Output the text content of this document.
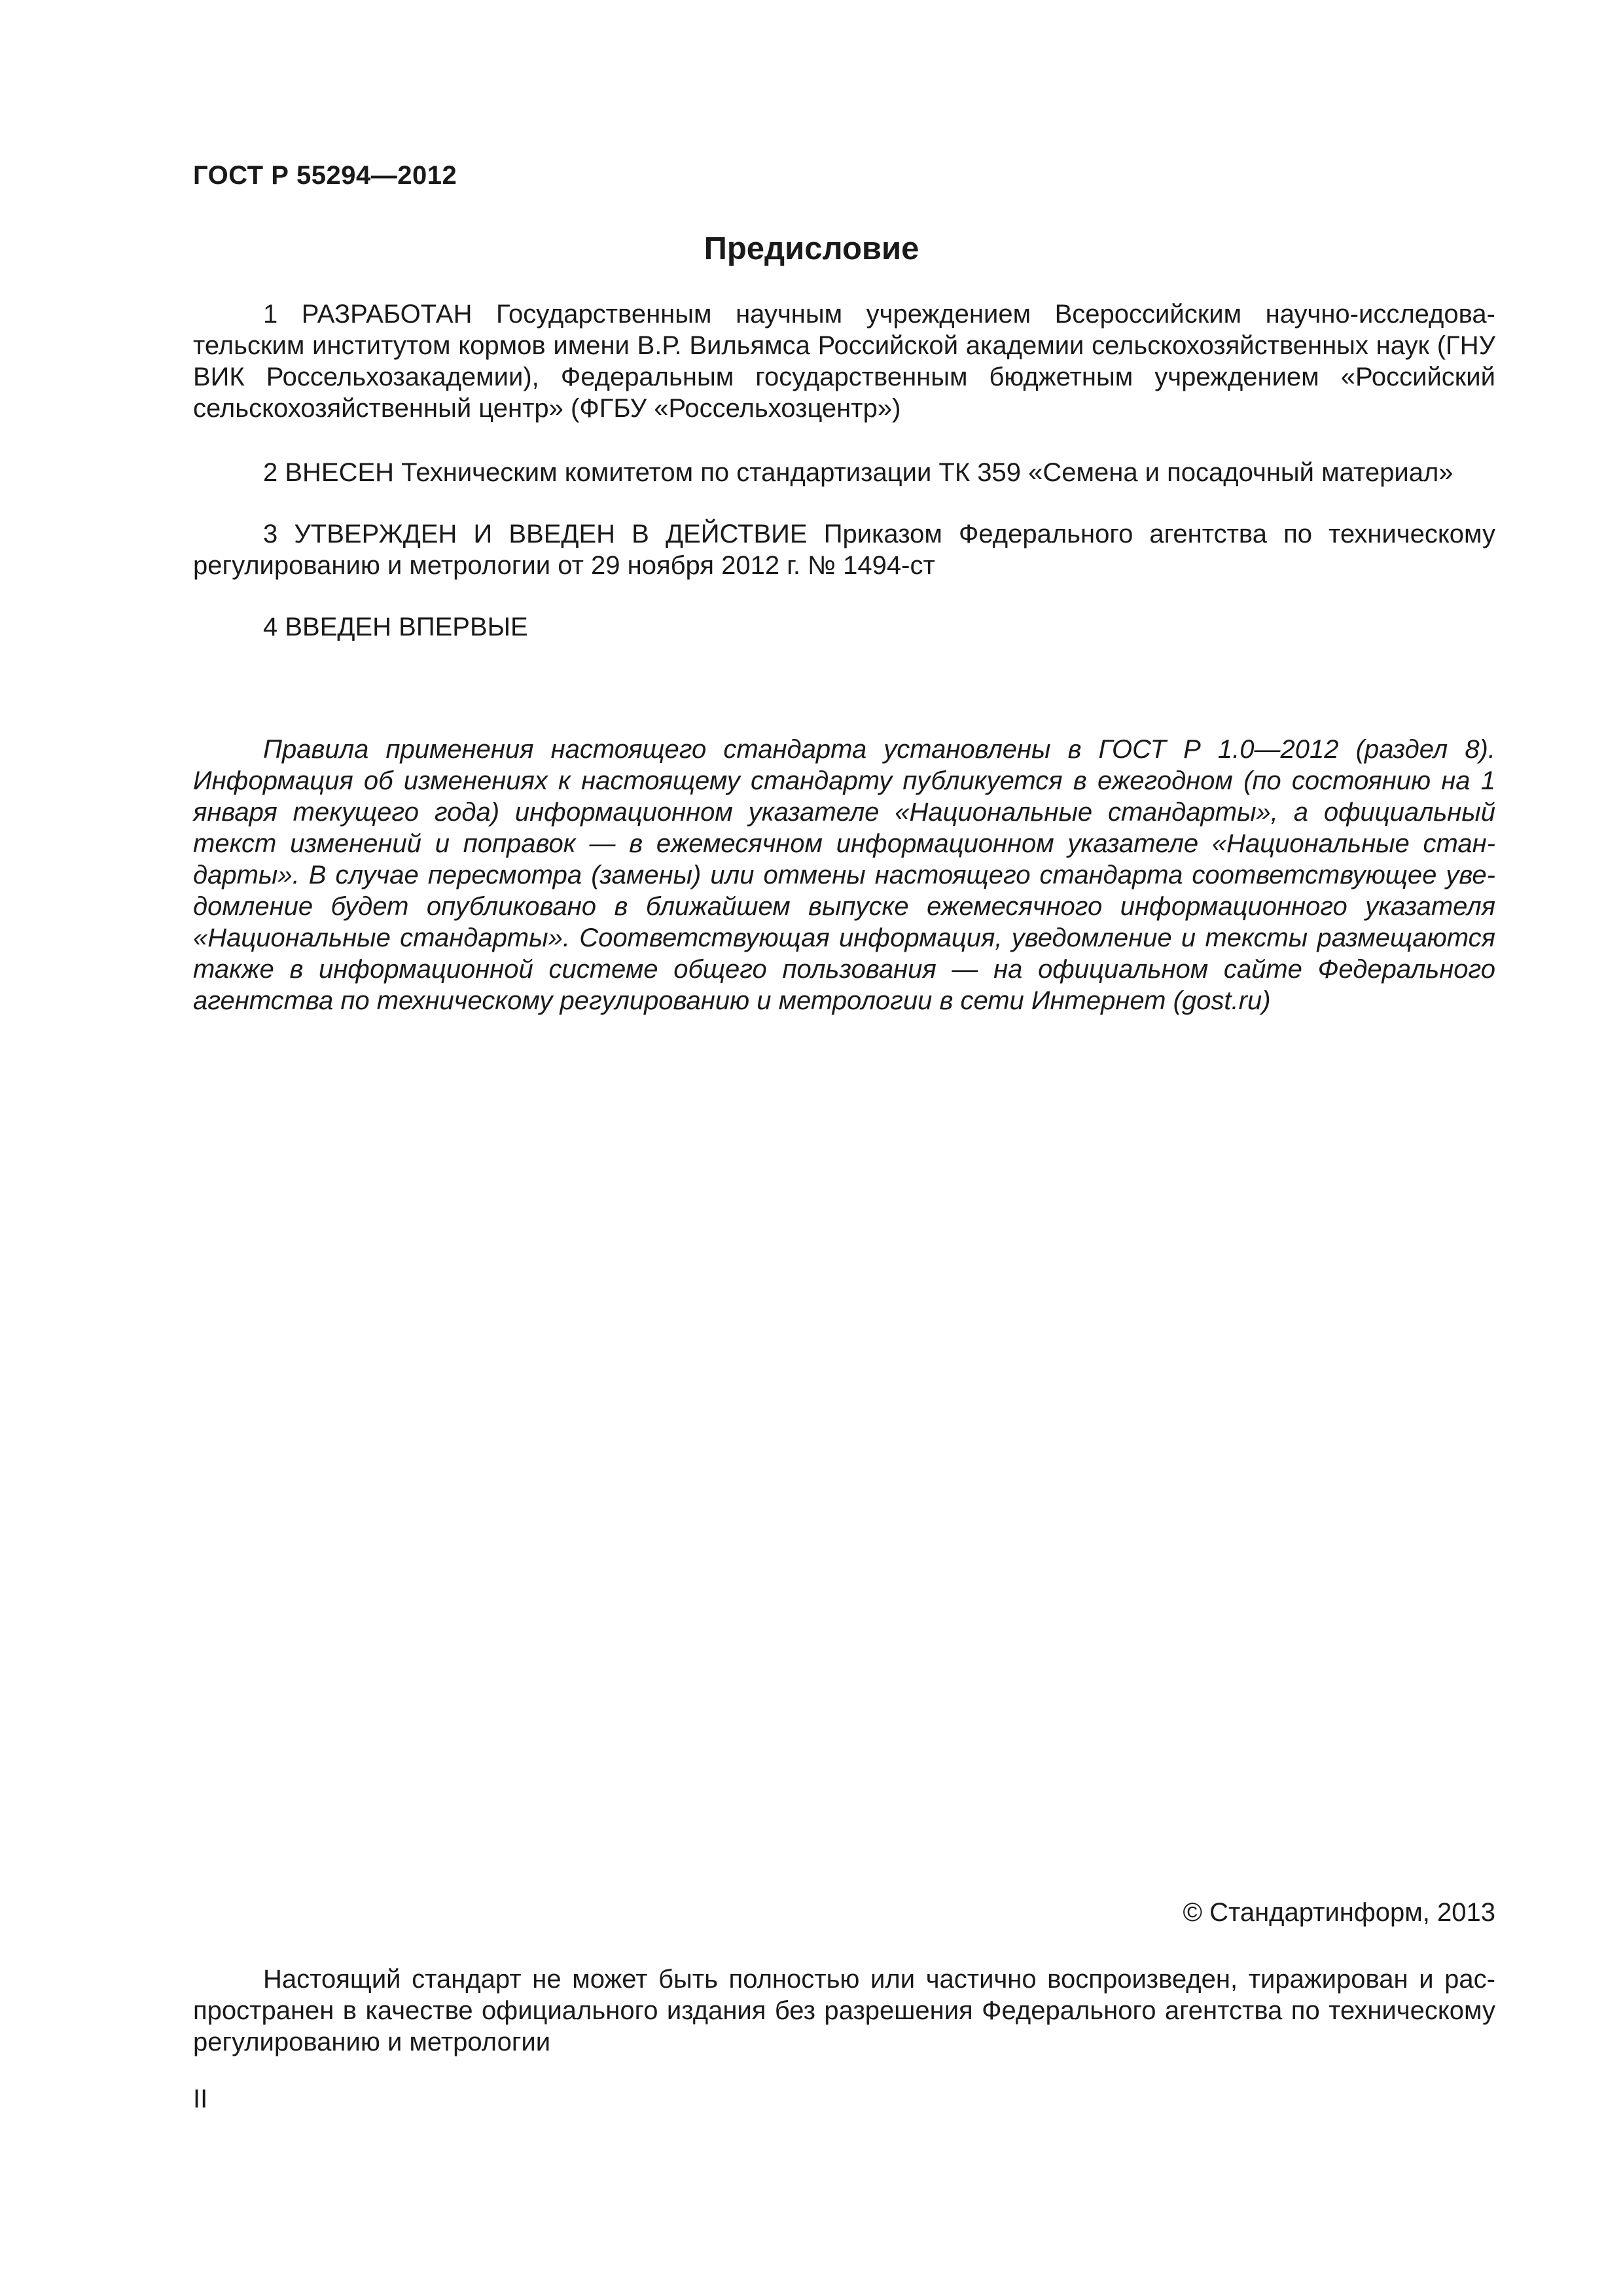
ГОСТ Р 55294—2012
Предисловие

1 РАЗРАБОТАН Государственным научным учреждением Всероссийским научно-исследовательским институтом кормов имени В.Р. Вильямса Российской академии сельскохозяйственных наук (ГНУ ВИК Россельхозакадемии), Федеральным государственным бюджетным учреждением «Российский сельскохозяйственный центр» (ФГБУ «Россельхозцентр»)

2 ВНЕСЕН Техническим комитетом по стандартизации ТК 359 «Семена и посадочный материал»

3 УТВЕРЖДЕН И ВВЕДЕН В ДЕЙСТВИЕ Приказом Федерального агентства по техническому регулированию и метрологии от 29 ноября 2012 г. № 1494-ст

4 ВВЕДЕН ВПЕРВЫЕ

Правила применения настоящего стандарта установлены в ГОСТ Р 1.0—2012 (раздел 8). Информация об изменениях к настоящему стандарту публикуется в ежегодном (по состоянию на 1 января текущего года) информационном указателе «Национальные стандарты», а официальный текст изменений и поправок — в ежемесячном информационном указателе «Национальные стандарты». В случае пересмотра (замены) или отмены настоящего стандарта соответствующее уведомление будет опубликовано в ближайшем выпуске ежемесячного информационного указателя «Национальные стандарты». Соответствующая информация, уведомление и тексты размещаются также в информационной системе общего пользования — на официальном сайте Федерального агентства по техническому регулированию и метрологии в сети Интернет (gost.ru)

© Стандартинформ, 2013

Настоящий стандарт не может быть полностью или частично воспроизведен, тиражирован и распространен в качестве официального издания без разрешения Федерального агентства по техническому регулированию и метрологии

II
